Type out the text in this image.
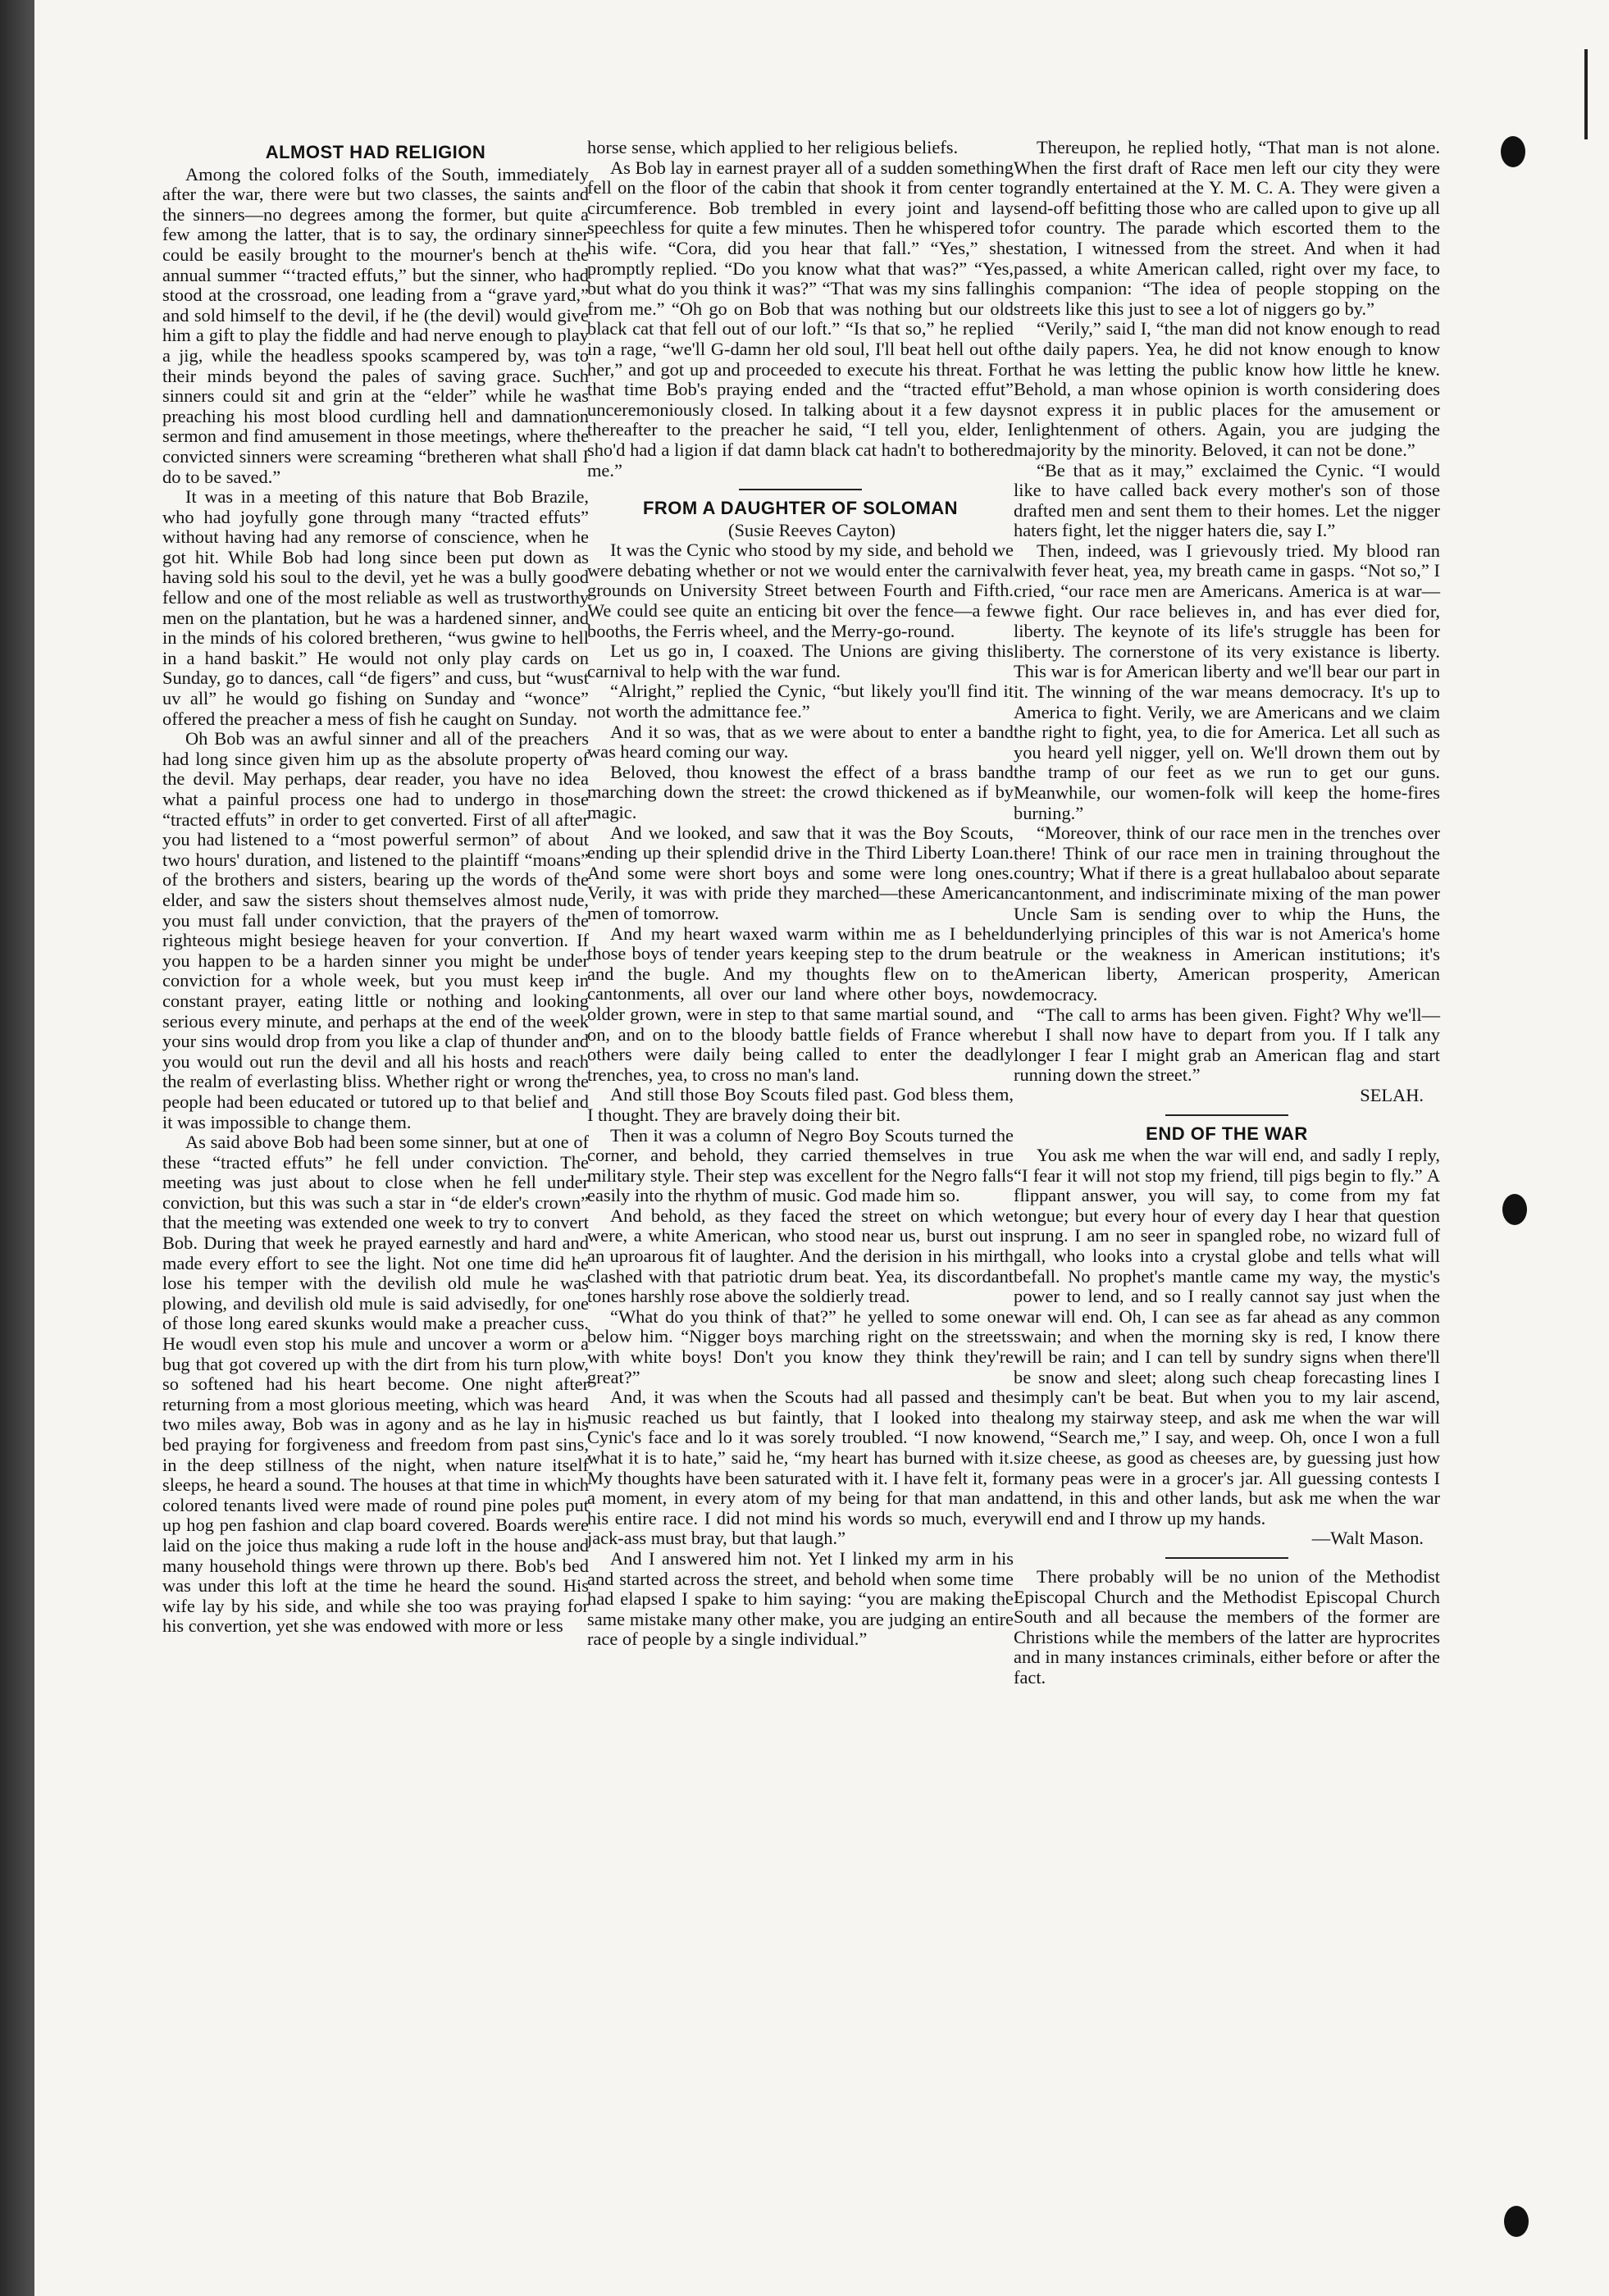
ALMOST HAD RELIGION

Among the colored folks of the South, immediately after the war, there were but two classes, the saints and the sinners—no degrees among the former, but quite a few among the latter, that is to say, the ordinary sinner could be easily brought to the mourner's bench at the annual summer “‘tracted effuts,” but the sinner, who had stood at the crossroad, one leading from a “grave yard,” and sold himself to the devil, if he (the devil) would give him a gift to play the fiddle and had nerve enough to play a jig, while the headless spooks scampered by, was to their minds beyond the pales of saving grace. Such sinners could sit and grin at the “elder” while he was preaching his most blood curdling hell and damnation sermon and find amusement in those meetings, where the convicted sinners were screaming “bretheren what shall I do to be saved.”

It was in a meeting of this nature that Bob Brazile, who had joyfully gone through many “tracted effuts” without having had any remorse of conscience, when he got hit. While Bob had long since been put down as having sold his soul to the devil, yet he was a bully good fellow and one of the most reliable as well as trustworthy men on the plantation, but he was a hardened sinner, and in the minds of his colored bretheren, “wus gwine to hell in a hand baskit.” He would not only play cards on Sunday, go to dances, call “de figers” and cuss, but “wust uv all” he would go fishing on Sunday and “wonce” offered the preacher a mess of fish he caught on Sunday.

Oh Bob was an awful sinner and all of the preachers had long since given him up as the absolute property of the devil. May perhaps, dear reader, you have no idea what a painful process one had to undergo in those “tracted effuts” in order to get converted. First of all after you had listened to a “most powerful sermon” of about two hours' duration, and listened to the plaintiff “moans” of the brothers and sisters, bearing up the words of the elder, and saw the sisters shout themselves almost nude, you must fall under conviction, that the prayers of the righteous might besiege heaven for your convertion. If you happen to be a harden sinner you might be under conviction for a whole week, but you must keep in constant prayer, eating little or nothing and looking serious every minute, and perhaps at the end of the week your sins would drop from you like a clap of thunder and you would out run the devil and all his hosts and reach the realm of everlasting bliss. Whether right or wrong the people had been educated or tutored up to that belief and it was impossible to change them.

As said above Bob had been some sinner, but at one of these “tracted effuts” he fell under conviction. The meeting was just about to close when he fell under conviction, but this was such a star in “de elder's crown” that the meeting was extended one week to try to convert Bob. During that week he prayed earnestly and hard and made every effort to see the light. Not one time did he lose his temper with the devilish old mule he was plowing, and devilish old mule is said advisedly, for one of those long eared skunks would make a preacher cuss. He woudl even stop his mule and uncover a worm or a bug that got covered up with the dirt from his turn plow, so softened had his heart become. One night after returning from a most glorious meeting, which was heard two miles away, Bob was in agony and as he lay in his bed praying for forgiveness and freedom from past sins, in the deep stillness of the night, when nature itself sleeps, he heard a sound. The houses at that time in which colored tenants lived were made of round pine poles put up hog pen fashion and clap board covered. Boards were laid on the joice thus making a rude loft in the house and many household things were thrown up there. Bob's bed was under this loft at the time he heard the sound. His wife lay by his side, and while she too was praying for his convertion, yet she was endowed with more or less

horse sense, which applied to her religious beliefs.

As Bob lay in earnest prayer all of a sudden something fell on the floor of the cabin that shook it from center to circumference. Bob trembled in every joint and lay speechless for quite a few minutes. Then he whispered to his wife. “Cora, did you hear that fall.” “Yes,” she promptly replied. “Do you know what that was?” “Yes, but what do you think it was?” “That was my sins falling from me.” “Oh go on Bob that was nothing but our old black cat that fell out of our loft.” “Is that so,” he replied in a rage, “we'll G-damn her old soul, I'll beat hell out of her,” and got up and proceeded to execute his threat. For that time Bob's praying ended and the “tracted effut” unceremoniously closed. In talking about it a few days thereafter to the preacher he said, “I tell you, elder, I sho'd had a ligion if dat damn black cat hadn't to bothered me.”

FROM A DAUGHTER OF SOLOMAN

(Susie Reeves Cayton)

It was the Cynic who stood by my side, and behold we were debating whether or not we would enter the carnival grounds on University Street between Fourth and Fifth. We could see quite an enticing bit over the fence—a few booths, the Ferris wheel, and the Merry-go-round.

Let us go in, I coaxed. The Unions are giving this carnival to help with the war fund.

“Alright,” replied the Cynic, “but likely you'll find it not worth the admittance fee.”

And it so was, that as we were about to enter a band was heard coming our way.

Beloved, thou knowest the effect of a brass band marching down the street: the crowd thickened as if by magic.

And we looked, and saw that it was the Boy Scouts, ending up their splendid drive in the Third Liberty Loan. And some were short boys and some were long ones. Verily, it was with pride they marched—these American men of tomorrow.

And my heart waxed warm within me as I beheld those boys of tender years keeping step to the drum beat and the bugle. And my thoughts flew on to the cantonments, all over our land where other boys, now older grown, were in step to that same martial sound, and on, and on to the bloody battle fields of France where others were daily being called to enter the deadly trenches, yea, to cross no man's land.

And still those Boy Scouts filed past. God bless them, I thought. They are bravely doing their bit.

Then it was a column of Negro Boy Scouts turned the corner, and behold, they carried themselves in true military style. Their step was excellent for the Negro falls easily into the rhythm of music. God made him so.

And behold, as they faced the street on which we were, a white American, who stood near us, burst out in an uproarous fit of laughter. And the derision in his mirth clashed with that patriotic drum beat. Yea, its discordant tones harshly rose above the soldierly tread.

“What do you think of that?” he yelled to some one below him. “Nigger boys marching right on the streets with white boys! Don't you know they think they're great?”

And, it was when the Scouts had all passed and the music reached us but faintly, that I looked into the Cynic's face and lo it was sorely troubled. “I now know what it is to hate,” said he, “my heart has burned with it. My thoughts have been saturated with it. I have felt it, for a moment, in every atom of my being for that man and his entire race. I did not mind his words so much, every jack-ass must bray, but that laugh.”

And I answered him not. Yet I linked my arm in his and started across the street, and behold when some time had elapsed I spake to him saying: “you are making the same mistake many other make, you are judging an entire race of people by a single individual.”

Thereupon, he replied hotly, “That man is not alone. When the first draft of Race men left our city they were grandly entertained at the Y. M. C. A. They were given a send-off befitting those who are called upon to give up all for country. The parade which escorted them to the station, I witnessed from the street. And when it had passed, a white American called, right over my face, to his companion: “The idea of people stopping on the streets like this just to see a lot of niggers go by.”

“Verily,” said I, “the man did not know enough to read the daily papers. Yea, he did not know enough to know that he was letting the public know how little he knew. Behold, a man whose opinion is worth considering does not express it in public places for the amusement or enlightenment of others. Again, you are judging the majority by the minority. Beloved, it can not be done.”

“Be that as it may,” exclaimed the Cynic. “I would like to have called back every mother's son of those drafted men and sent them to their homes. Let the nigger haters fight, let the nigger haters die, say I.”

Then, indeed, was I grievously tried. My blood ran with fever heat, yea, my breath came in gasps. “Not so,” I cried, “our race men are Americans. America is at war—we fight. Our race believes in, and has ever died for, liberty. The keynote of its life's struggle has been for liberty. The cornerstone of its very existance is liberty. This war is for American liberty and we'll bear our part in it. The winning of the war means democracy. It's up to America to fight. Verily, we are Americans and we claim the right to fight, yea, to die for America. Let all such as you heard yell nigger, yell on. We'll drown them out by the tramp of our feet as we run to get our guns. Meanwhile, our women-folk will keep the home-fires burning.”

“Moreover, think of our race men in the trenches over there! Think of our race men in training throughout the country; What if there is a great hullabaloo about separate cantonment, and indiscriminate mixing of the man power Uncle Sam is sending over to whip the Huns, the underlying principles of this war is not America's home rule or the weakness in American institutions; it's American liberty, American prosperity, American democracy.

“The call to arms has been given. Fight? Why we'll—but I shall now have to depart from you. If I talk any longer I fear I might grab an American flag and start running down the street.”

SELAH.

END OF THE WAR

You ask me when the war will end, and sadly I reply, “I fear it will not stop my friend, till pigs begin to fly.” A flippant answer, you will say, to come from my fat tongue; but every hour of every day I hear that question sprung. I am no seer in spangled robe, no wizard full of gall, who looks into a crystal globe and tells what will befall. No prophet's mantle came my way, the mystic's power to lend, and so I really cannot say just when the war will end. Oh, I can see as far ahead as any common swain; and when the morning sky is red, I know there will be rain; and I can tell by sundry signs when there'll be snow and sleet; along such cheap forecasting lines I simply can't be beat. But when you to my lair ascend, along my stairway steep, and ask me when the war will end, “Search me,” I say, and weep. Oh, once I won a full size cheese, as good as cheeses are, by guessing just how many peas were in a grocer's jar. All guessing contests I attend, in this and other lands, but ask me when the war will end and I throw up my hands.

—Walt Mason.

There probably will be no union of the Methodist Episcopal Church and the Methodist Episcopal Church South and all because the members of the former are Christions while the members of the latter are hyprocrites and in many instances criminals, either before or after the fact.
